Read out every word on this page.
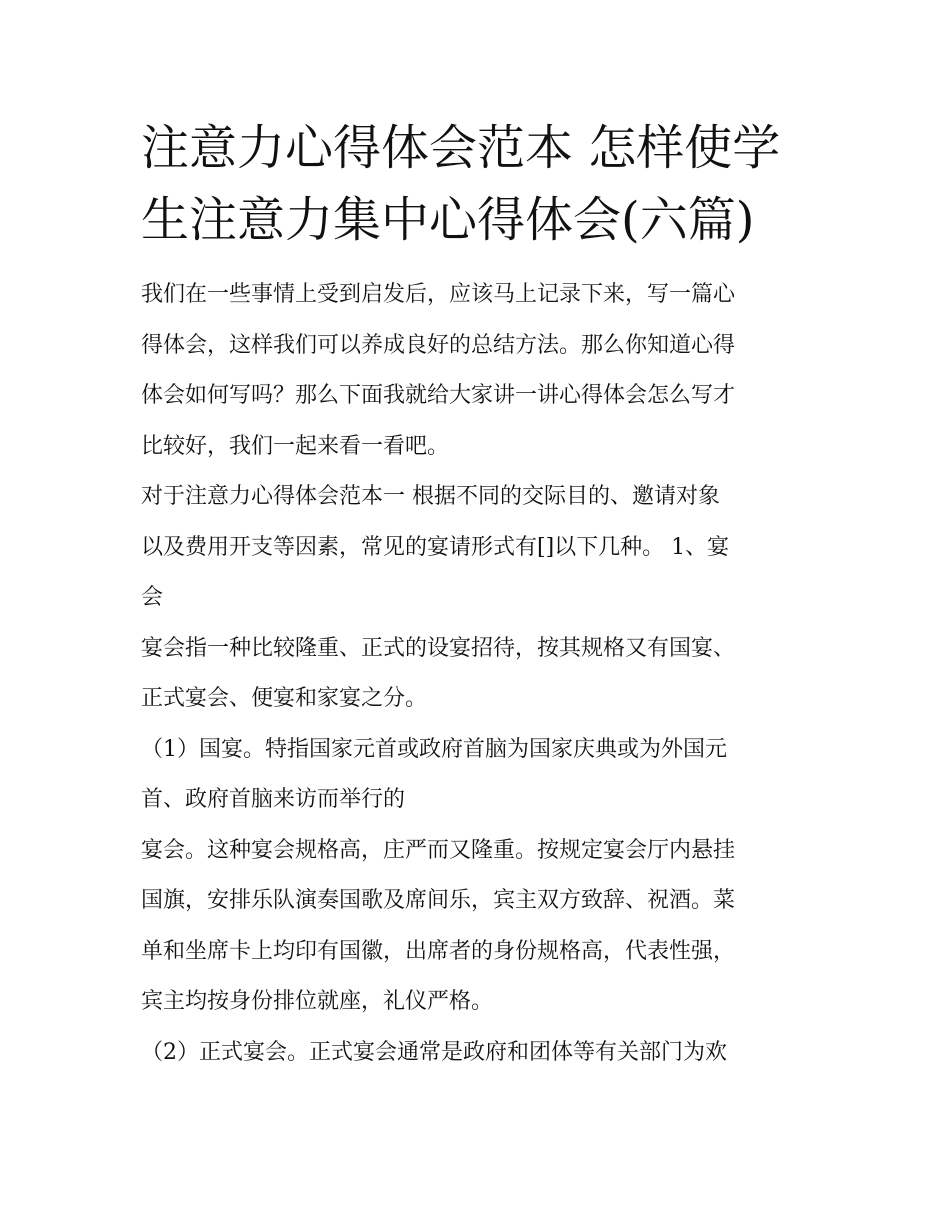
注意力心得体会范本 怎样使学
生注意力集中心得体会(六篇)

我们在一些事情上受到启发后，应该马上记录下来，写一篇心
得体会，这样我们可以养成良好的总结方法。那么你知道心得
体会如何写吗？那么下面我就给大家讲一讲心得体会怎么写才
比较好，我们一起来看一看吧。

对于注意力心得体会范本一 根据不同的交际目的、邀请对象
以及费用开支等因素，常见的宴请形式有[]以下几种。 1、宴
会

宴会指一种比较隆重、正式的设宴招待，按其规格又有国宴、
正式宴会、便宴和家宴之分。

（1）国宴。特指国家元首或政府首脑为国家庆典或为外国元
首、政府首脑来访而举行的

宴会。这种宴会规格高，庄严而又隆重。按规定宴会厅内悬挂
国旗，安排乐队演奏国歌及席间乐，宾主双方致辞、祝酒。菜
单和坐席卡上均印有国徽，出席者的身份规格高，代表性强，
宾主均按身份排位就座，礼仪严格。

（2）正式宴会。正式宴会通常是政府和团体等有关部门为欢
